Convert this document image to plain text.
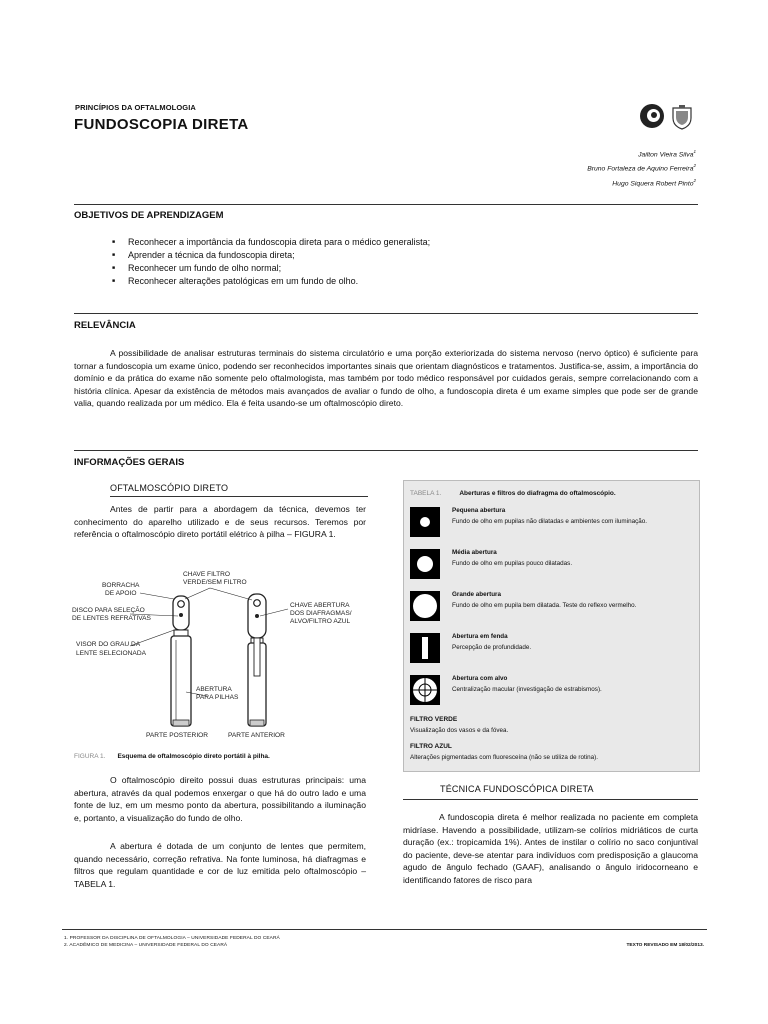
PRINCÍPIOS DA OFTALMOLOGIA
FUNDOSCOPIA DIRETA
Jailton Vieira Silva$^1$
Bruno Fortaleza de Aquino Ferreira$^2$
Hugo Siquera Robert Pinto$^2$
OBJETIVOS DE APRENDIZAGEM
■ Reconhecer a importância da fundoscopia direta para o médico generalista;
■ Aprender a técnica da fundoscopia direta;
■ Reconhecer um fundo de olho normal;
■ Reconhecer alterações patológicas em um fundo de olho.
RELEVÂNCIA
A possibilidade de analisar estruturas terminais do sistema circulatório e uma porção exteriorizada do sistema nervoso (nervo óptico) é suficiente para tornar a fundoscopia um exame único, podendo ser reconhecidos importantes sinais que orientam diagnósticos e tratamentos. Justifica-se, assim, a importância do domínio e da prática do exame não somente pelo oftalmologista, mas também por todo médico responsável por cuidados gerais, sempre correlacionando com a história clínica. Apesar da existência de métodos mais avançados de avaliar o fundo de olho, a fundoscopia direta é um exame simples que pode ser de grande valia, quando realizada por um médico. Ela é feita usando-se um oftalmoscópio direto.
INFORMAÇÕES GERAIS
OFTALMOSCÓPIO DIRETO
Antes de partir para a abordagem da técnica, devemos ter conhecimento do aparelho utilizado e de seus recursos. Teremos por referência o oftalmoscópio direto portátil elétrico à pilha – FIGURA 1.
BORRACHA
DE APOIO
CHAVE FILTRO
VERDE/SEM FILTRO
DISCO PARA SELEÇÃO
DE LENTES REFRATIVAS
CHAVE ABERTURA
DOS DIAFRAGMAS/
ALVO/FILTRO AZUL
VISOR DO GRAU DA
LENTE SELECIONADA
ABERTURA
PARA PILHAS
PARTE POSTERIOR	PARTE ANTERIOR
FIGURA 1. Esquema de oftalmoscópio direto portátil à pilha.
O oftalmoscópio direito possui duas estruturas principais: uma abertura, através da qual podemos enxergar o que há do outro lado e uma fonte de luz, em um mesmo ponto da abertura, possibilitando a iluminação e, portanto, a visualização do fundo de olho.
A abertura é dotada de um conjunto de lentes que permitem, quando necessário, correção refrativa. Na fonte luminosa, há diafragmas e filtros que regulam quantidade e cor de luz emitida pelo oftalmoscópio – TABELA 1.
TABELA 1.	Aberturas e filtros do diafragma do oftalmoscópio.
Pequena abertura
Fundo de olho em pupilas não dilatadas e ambientes com iluminação.
Média abertura
Fundo de olho em pupilas pouco dilatadas.
Grande abertura
Fundo de olho em pupila bem dilatada. Teste do reflexo vermelho.
Abertura em fenda
Percepção de profundidade.
Abertura com alvo
Centralização macular (investigação de estrabismos).
FILTRO VERDE
Visualização dos vasos e da fóvea.
FILTRO AZUL
Alterações pigmentadas com fluoresceína (não se utiliza de rotina).
TÉCNICA FUNDOSCÓPICA DIRETA
A fundoscopia direta é melhor realizada no paciente em completa midríase. Havendo a possibilidade, utilizam-se colírios midriáticos de curta duração (ex.: tropicamida 1%). Antes de instilar o colírio no saco conjuntival do paciente, deve-se atentar para indivíduos com predisposição a glaucoma agudo de ângulo fechado (GAAF), analisando o ângulo iridocorneano e identificando fatores de risco para
1. PROFESSOR DA DISCIPLINA DE OFTALMOLOGIA – UNIVERSIDADE FEDERAL DO CEARÁ
2. ACADÊMICO DE MEDICINA – UNIVERSIDADE FEDERAL DO CEARÁ	TEXTO REVISADO EM 18/02/2013.
